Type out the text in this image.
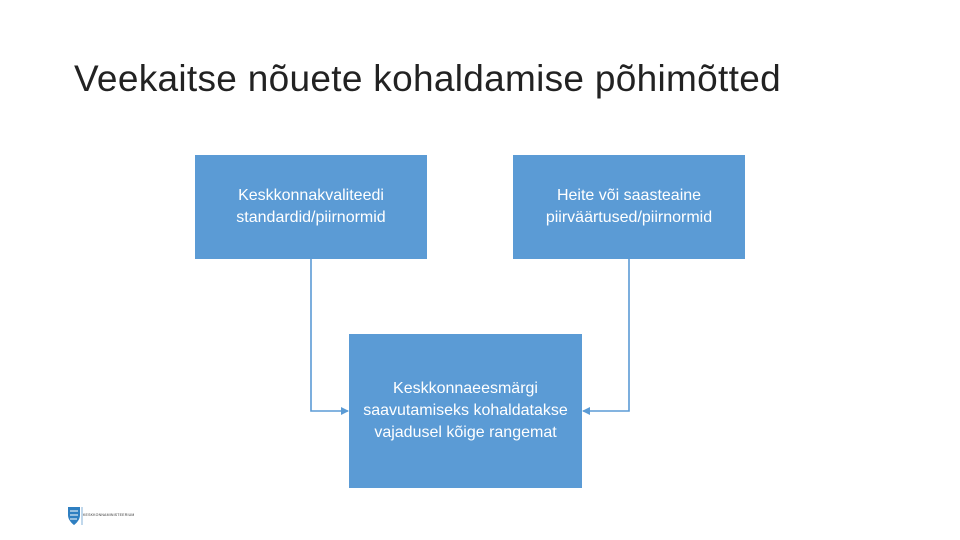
Veekaitse nõuete kohaldamise põhimõtted
Keskkonnakvaliteedi standardid/piirnormid
Heite või saasteaine piirväärtused/piirnormid
Keskkonnaeesmärgi saavutamiseks kohaldatakse vajadusel kõige rangemat
KESKKONNAMINISTEERIUM
